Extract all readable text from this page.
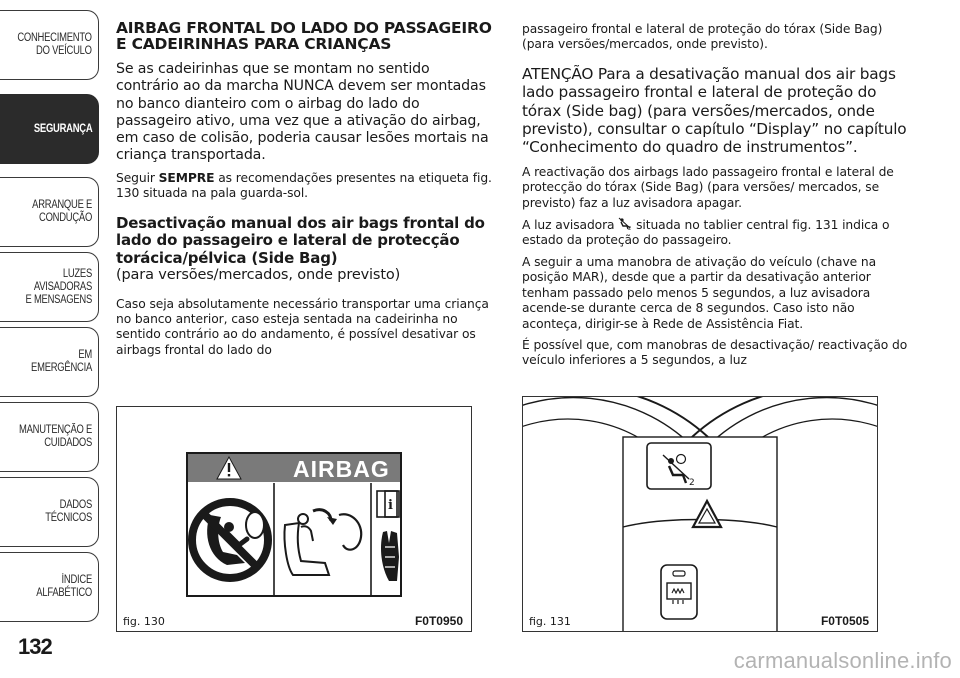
CONHECIMENTO
DO VEÍCULO
SEGURANÇA
ARRANQUE E
CONDUÇÃO
LUZES AVISADORAS
E MENSAGENS
EM EMERGÊNCIA
MANUTENÇÃO E
CUIDADOS
DADOS TÉCNICOS
ÍNDICE ALFABÉTICO
132
AIRBAG FRONTAL DO LADO DO PASSAGEIRO E CADEIRINHAS PARA CRIANÇAS

Se as cadeirinhas que se montam no sentido contrário ao da marcha NUNCA devem ser montadas no banco dianteiro com o airbag do lado do passageiro ativo, uma vez que a ativação do airbag, em caso de colisão, poderia causar lesões mortais na criança transportada.

Seguir SEMPRE as recomendações presentes na etiqueta fig. 130 situada na pala guarda-sol.

Desactivação manual dos air bags frontal do lado do passageiro e lateral de protecção torácica/pélvica (Side Bag)
(para versões/mercados, onde previsto)

Caso seja absolutamente necessário transportar uma criança no banco anterior, caso esteja sentada na cadeirinha no sentido contrário ao do andamento, é possível desativar os airbags frontal do lado do

passageiro frontal e lateral de proteção do tórax (Side Bag) (para versões/mercados, onde previsto).

ATENÇÃO Para a desativação manual dos air bags lado passageiro frontal e lateral de proteção do tórax (Side bag) (para versões/mercados, onde previsto), consultar o capítulo “Display” no capítulo “Conhecimento do quadro de instrumentos”.

A reactivação dos airbags lado passageiro frontal e lateral de protecção do tórax (Side Bag) (para versões/ mercados, se previsto) faz a luz avisadora apagar.

A luz avisadora	2 situada no tablier central fig. 131 indica o estado da proteção do passageiro.

A seguir a uma manobra de ativação do veículo (chave na posição MAR), desde que a partir da desativação anterior tenham passado pelo menos 5 segundos, a luz avisadora acende-se durante cerca de 8 segundos. Caso isto não aconteça, dirigir-se à Rede de Assistência Fiat.

É possível que, com manobras de desactivação/ reactivação do veículo inferiores a 5 segundos, a luz

AIRBAG
i
fig. 130	F0T0950
2
fig. 131	F0T0505
carmanualsonline.info
